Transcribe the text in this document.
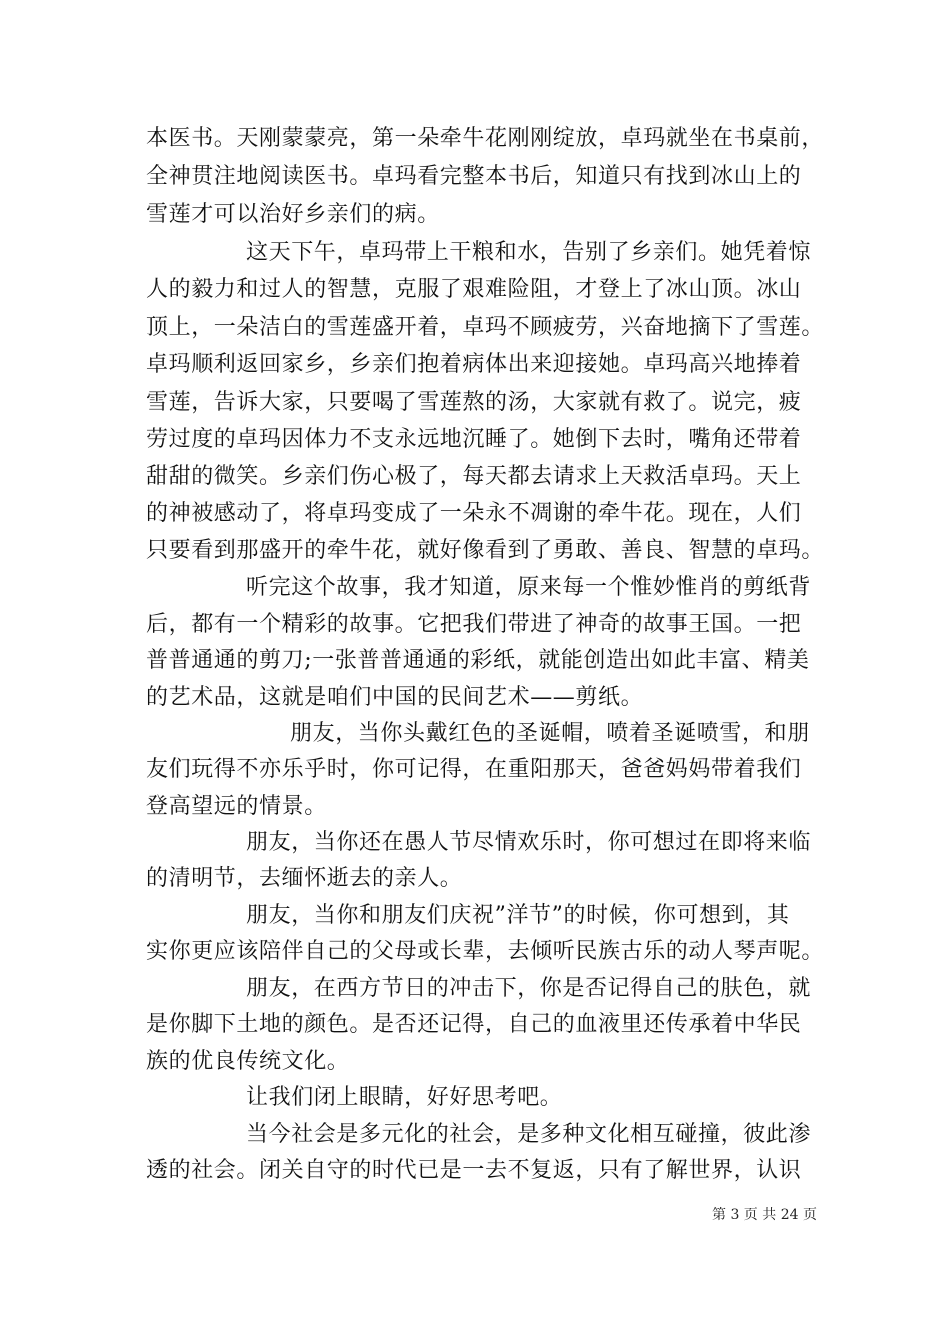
本医书。天刚蒙蒙亮，第一朵牵牛花刚刚绽放，卓玛就坐在书桌前，
全神贯注地阅读医书。卓玛看完整本书后，知道只有找到冰山上的
雪莲才可以治好乡亲们的病。
这天下午，卓玛带上干粮和水，告别了乡亲们。她凭着惊
人的毅力和过人的智慧，克服了艰难险阻，才登上了冰山顶。冰山
顶上，一朵洁白的雪莲盛开着，卓玛不顾疲劳，兴奋地摘下了雪莲。
卓玛顺利返回家乡，乡亲们抱着病体出来迎接她。卓玛高兴地捧着
雪莲，告诉大家，只要喝了雪莲熬的汤，大家就有救了。说完，疲
劳过度的卓玛因体力不支永远地沉睡了。她倒下去时，嘴角还带着
甜甜的微笑。乡亲们伤心极了，每天都去请求上天救活卓玛。天上
的神被感动了，将卓玛变成了一朵永不凋谢的牵牛花。现在，人们
只要看到那盛开的牵牛花，就好像看到了勇敢、善良、智慧的卓玛。
听完这个故事，我才知道，原来每一个惟妙惟肖的剪纸背
后，都有一个精彩的故事。它把我们带进了神奇的故事王国。一把
普普通通的剪刀;一张普普通通的彩纸，就能创造出如此丰富、精美
的艺术品，这就是咱们中国的民间艺术——剪纸。
朋友，当你头戴红色的圣诞帽，喷着圣诞喷雪，和朋
友们玩得不亦乐乎时，你可记得，在重阳那天，爸爸妈妈带着我们
登高望远的情景。
朋友，当你还在愚人节尽情欢乐时，你可想过在即将来临
的清明节，去缅怀逝去的亲人。
朋友，当你和朋友们庆祝”洋节”的时候，你可想到，其
实你更应该陪伴自己的父母或长辈，去倾听民族古乐的动人琴声呢。
朋友，在西方节日的冲击下，你是否记得自己的肤色，就
是你脚下土地的颜色。是否还记得，自己的血液里还传承着中华民
族的优良传统文化。
让我们闭上眼睛，好好思考吧。
当今社会是多元化的社会，是多种文化相互碰撞，彼此渗
透的社会。闭关自守的时代已是一去不复返，只有了解世界，认识
第 3 页 共 24 页
